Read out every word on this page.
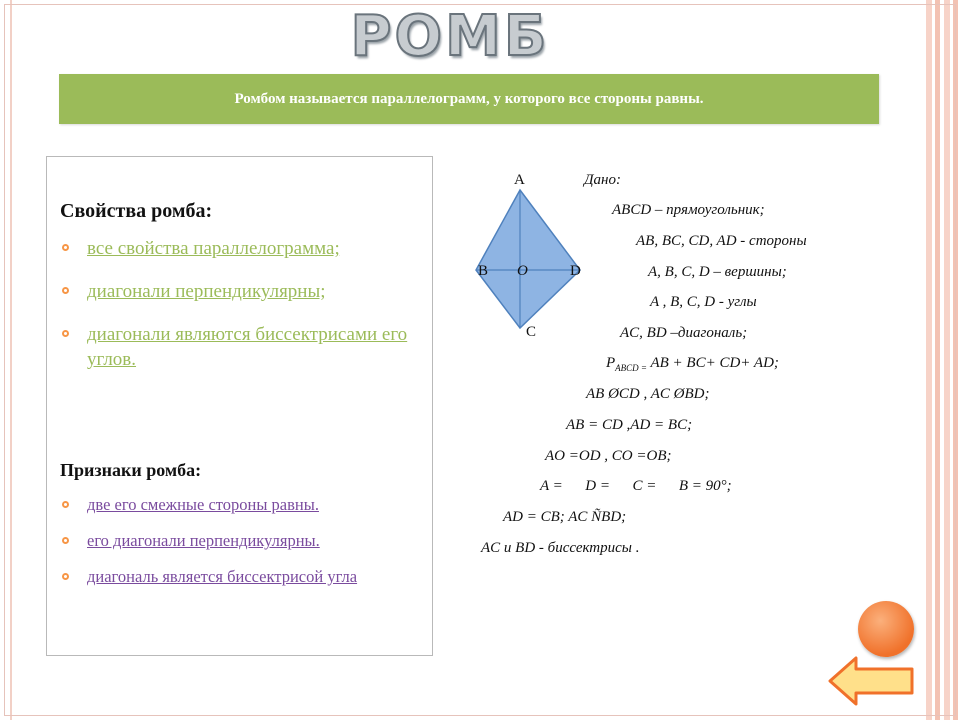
РОМБ
Ромбом называется параллелограмм, у которого все стороны равны.
Свойства ромба:
все свойства параллелограмма;
диагонали перпендикулярны;
диагонали являются биссектрисами его углов.
Признаки ромба:
две его смежные стороны равны.
его диагонали перпендикулярны.
диагональ является биссектрисой угла
A
B O	D
C
Дано:
ABCD – прямоугольник;
AB, BC, CD, AD - стороны
A, B, C, D – вершины;
A , B, C, D - углы
AC, BD –диагональ;
$P_{ABCD =}$ AB + BC+ CD+ AD;
AB ØCD , AC ØBD;
AB = CD ,AD = BC;
AO =OD , CO =OB;
A =      D =      C =      B = 90°;
AD = CB; AC ÑBD;
AC и BD - биссектрисы .
